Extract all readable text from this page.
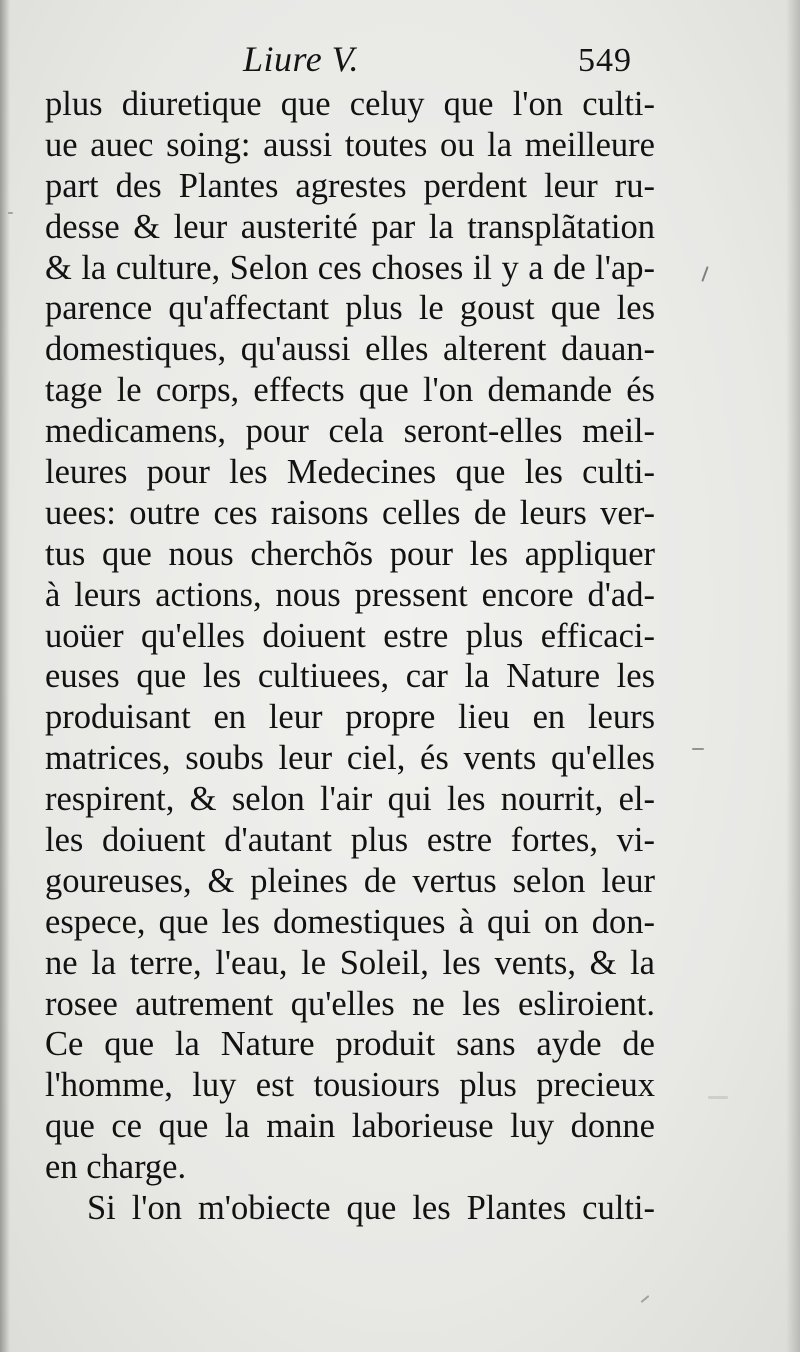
Liure V.	549
plus diuretique que celuy que l'on culti-
ue auec soing: aussi toutes ou la meilleure
part des Plantes agrestes perdent leur ru-
desse & leur austerité par la transplãtation
& la culture, Selon ces choses il y a de l'ap-
parence qu'affectant plus le goust que les
domestiques, qu'aussi elles alterent dauan-
tage le corps, effects que l'on demande és
medicamens, pour cela seront-elles meil-
leures pour les Medecines que les culti-
uees: outre ces raisons celles de leurs ver-
tus que nous cherchõs pour les appliquer
à leurs actions, nous pressent encore d'ad-
uoüer qu'elles doiuent estre plus efficaci-
euses que les cultiuees, car la Nature les
produisant en leur propre lieu en leurs
matrices, soubs leur ciel, és vents qu'elles
respirent, & selon l'air qui les nourrit, el-
les doiuent d'autant plus estre fortes, vi-
goureuses, & pleines de vertus selon leur
espece, que les domestiques à qui on don-
ne la terre, l'eau, le Soleil, les vents, & la
rosee autrement qu'elles ne les esliroient.
Ce que la Nature produit sans ayde de
l'homme, luy est tousiours plus precieux
que ce que la main laborieuse luy donne
en charge.
Si l'on m'obiecte que les Plantes culti-
